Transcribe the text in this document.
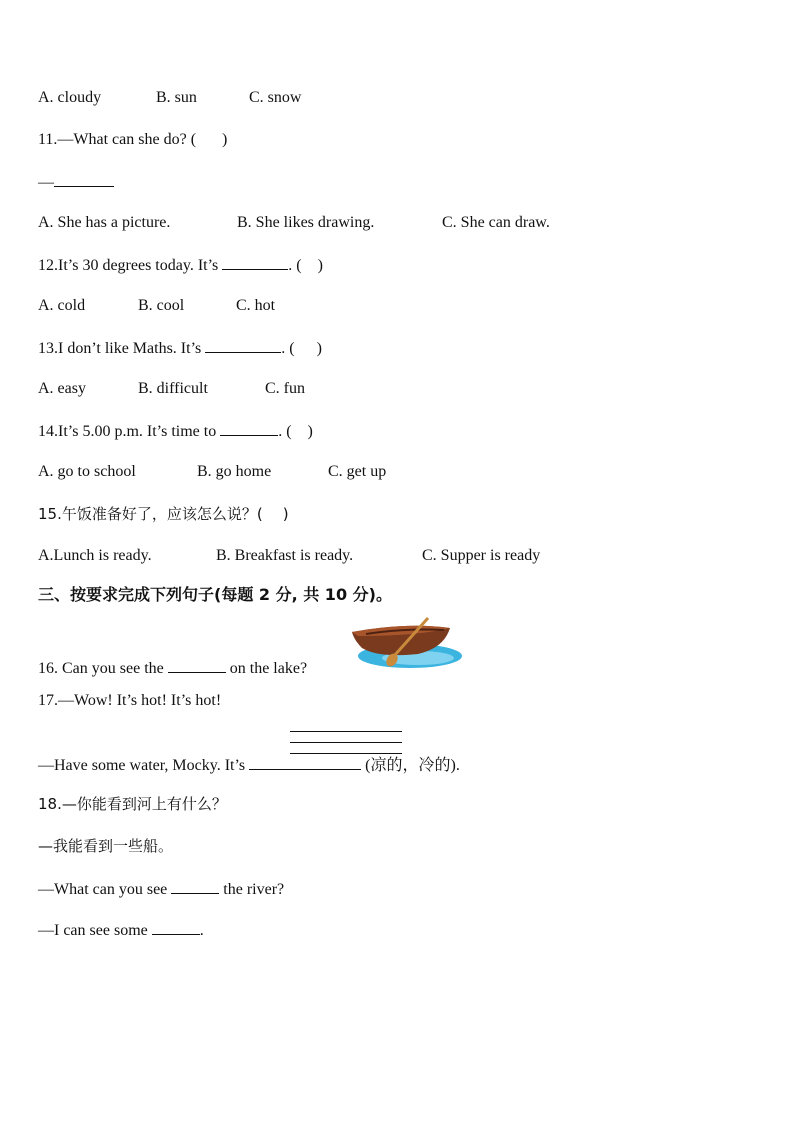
A. cloudy	B. sun	C. snow
11.—What can she do? ( )
—
A. She has a picture.	B. She likes drawing.	C. She can draw.
12.It’s 30 degrees today. It’s	. ( )
A. cold	B. cool	C. hot
13.I don’t like Maths. It’s	. ( )
A. easy	B. difficult	C. fun
14.It’s 5.00 p.m. It’s time to	. ( )
A. go to school	B. go home	C. get up
15.午饭准备好了，应该怎么说？( )
A.Lunch is ready.	B. Breakfast is ready.	C. Supper is ready
三、按要求完成下列句子(每题 2 分, 共 10 分)。
16. Can you see the	on the lake?
17.—Wow! It’s hot! It’s hot!
—Have some water, Mocky. It’s	(凉的，冷的).
18.—你能看到河上有什么？
—我能看到一些船。
—What can you see	the river?
—I can see some	.
